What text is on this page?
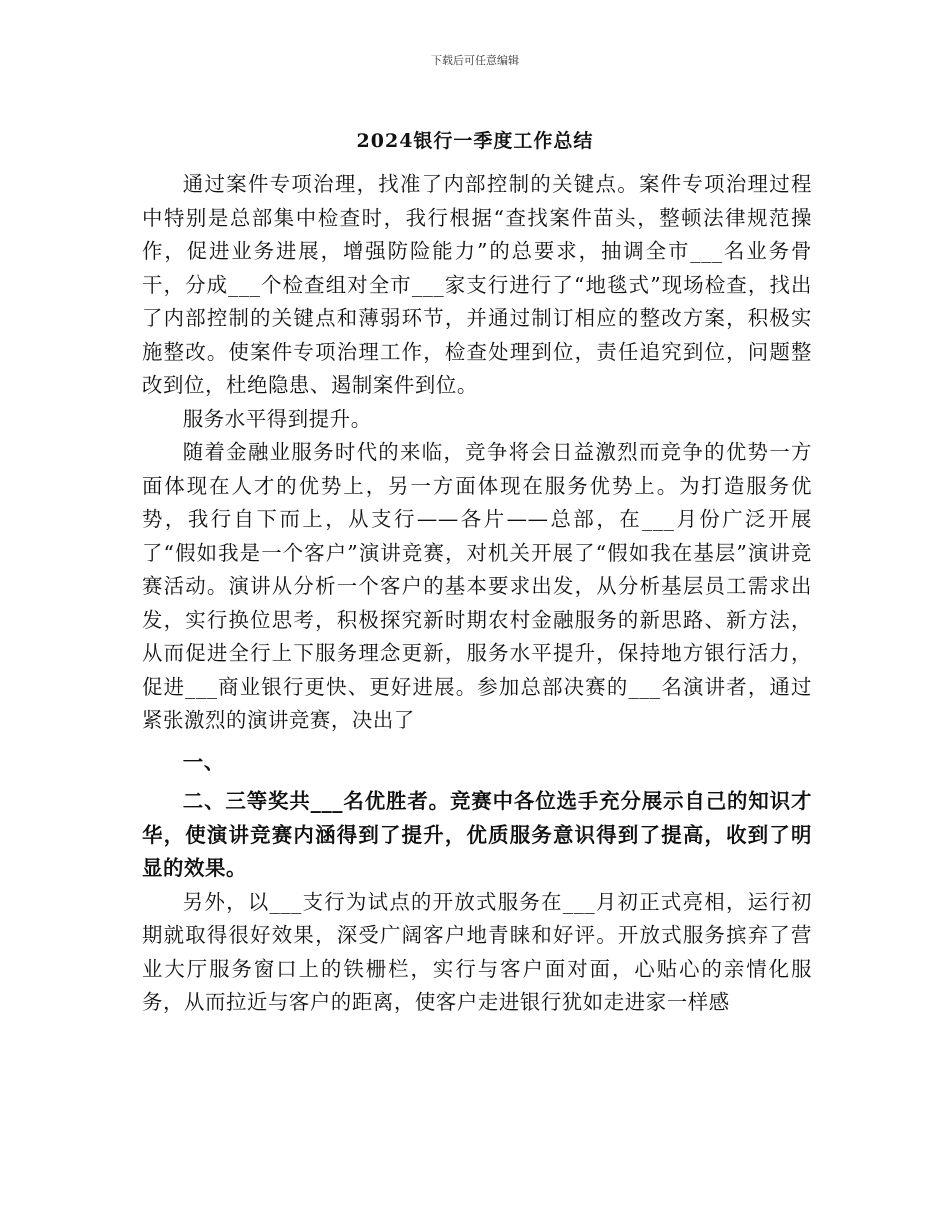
下载后可任意编辑
2024银行一季度工作总结

通过案件专项治理，找准了内部控制的关键点。案件专项治理过程中特别是总部集中检查时，我行根据“查找案件苗头，整顿法律规范操作，促进业务进展，增强防险能力”的总要求，抽调全市___名业务骨干，分成___个检查组对全市___家支行进行了“地毯式”现场检查，找出了内部控制的关键点和薄弱环节，并通过制订相应的整改方案，积极实施整改。使案件专项治理工作，检查处理到位，责任追究到位，问题整改到位，杜绝隐患、遏制案件到位。

服务水平得到提升。

随着金融业服务时代的来临，竞争将会日益激烈而竞争的优势一方面体现在人才的优势上，另一方面体现在服务优势上。为打造服务优势，我行自下而上，从支行——各片——总部，在___月份广泛开展了“假如我是一个客户”演讲竞赛，对机关开展了“假如我在基层”演讲竞赛活动。演讲从分析一个客户的基本要求出发，从分析基层员工需求出发，实行换位思考，积极探究新时期农村金融服务的新思路、新方法，从而促进全行上下服务理念更新，服务水平提升，保持地方银行活力，促进___商业银行更快、更好进展。参加总部决赛的___名演讲者，通过紧张激烈的演讲竞赛，决出了

一、

二、三等奖共___名优胜者。竞赛中各位选手充分展示自己的知识才华，使演讲竞赛内涵得到了提升，优质服务意识得到了提高，收到了明显的效果。

另外，以___支行为试点的开放式服务在___月初正式亮相，运行初期就取得很好效果，深受广阔客户地青睐和好评。开放式服务摈弃了营业大厅服务窗口上的铁栅栏，实行与客户面对面，心贴心的亲情化服务，从而拉近与客户的距离，使客户走进银行犹如走进家一样感
